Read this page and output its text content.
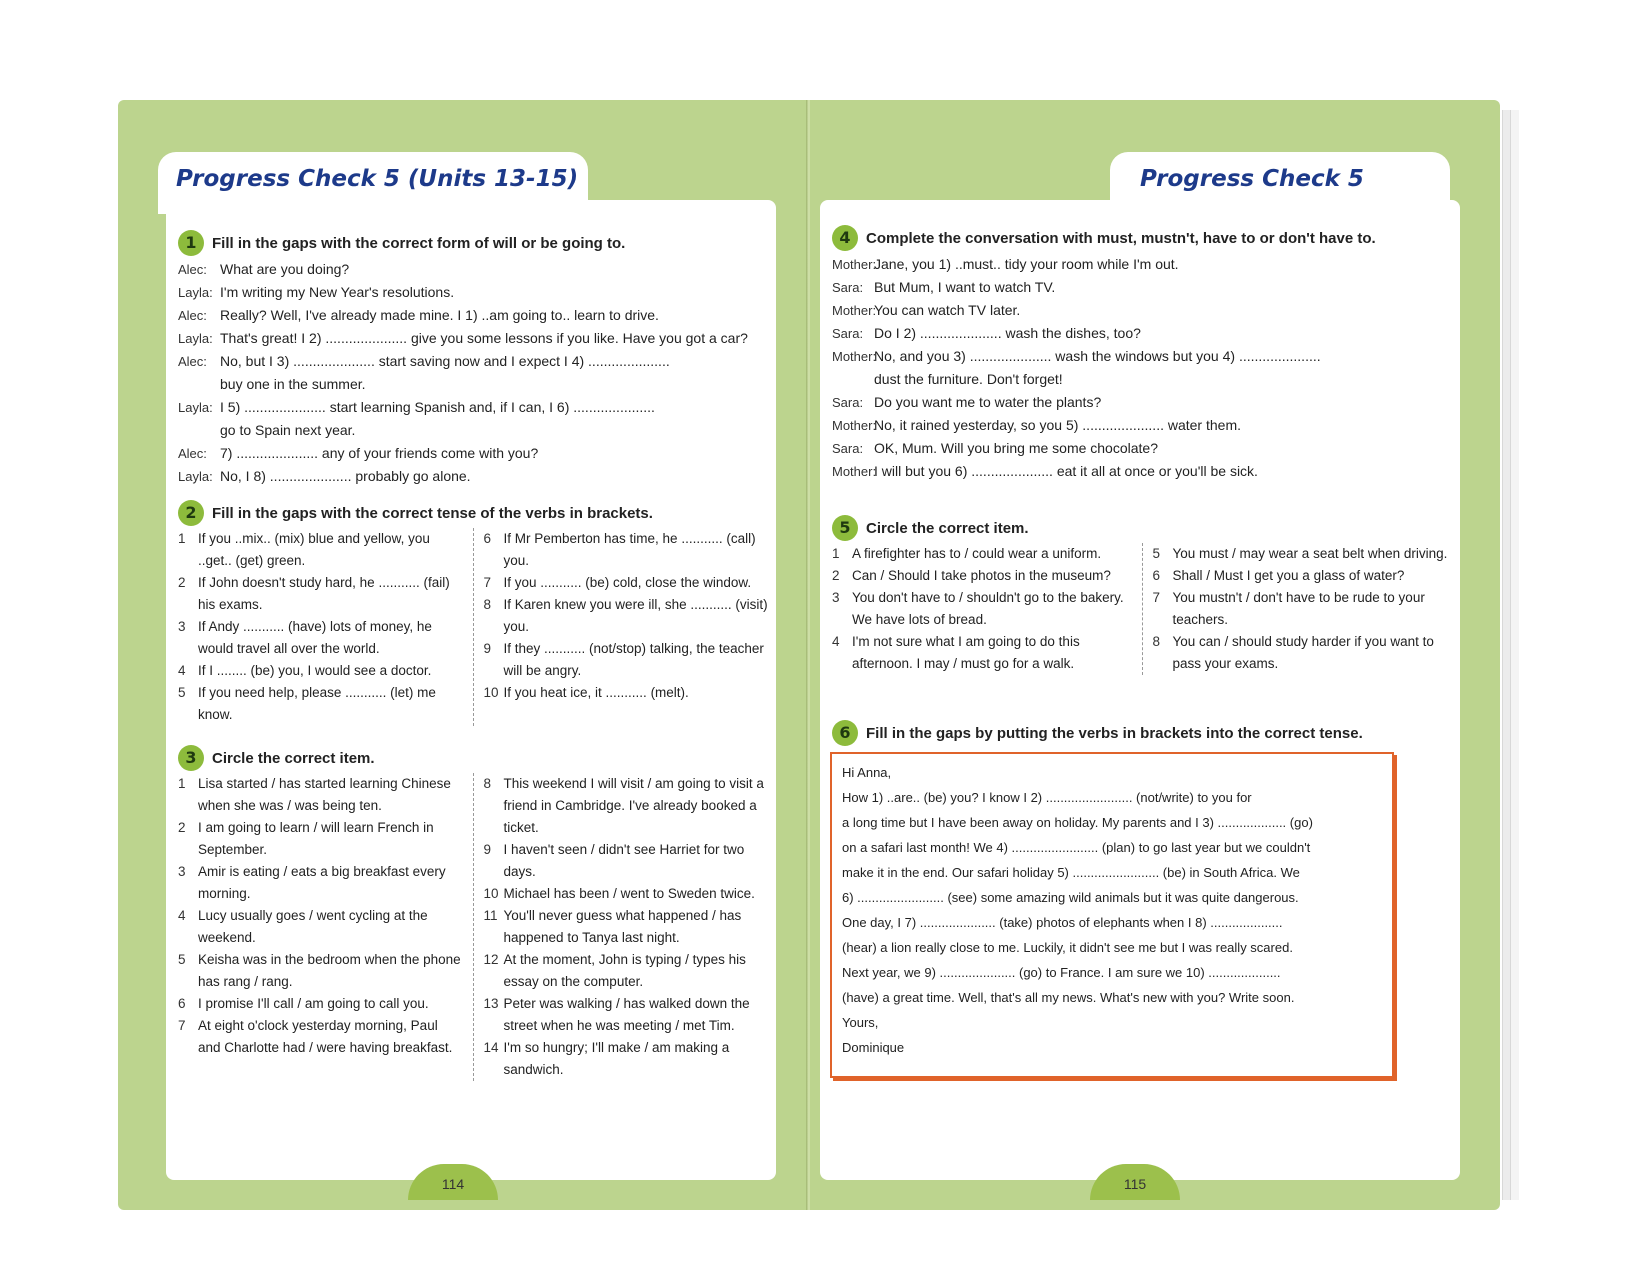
Progress Check 5 (Units 13-15)
1	Fill in the gaps with the correct form of will or be going to.
Alec: What are you doing?
Layla: I'm writing my New Year's resolutions.
Alec: Really? Well, I've already made mine. I 1) ..am going to.. learn to drive.
Layla: That's great! I 2) ..................... give you some lessons if you like. Have you got a car?
Alec: No, but I 3) ..................... start saving now and I expect I 4) .....................
buy one in the summer.
Layla: I 5) ..................... start learning Spanish and, if I can, I 6) .....................
go to Spain next year.
Alec: 7) ..................... any of your friends come with you?
Layla: No, I 8) ..................... probably go alone.
2	Fill in the gaps with the correct tense of the verbs in brackets.
1 If you ..mix.. (mix) blue and yellow, you ..get.. (get) green.
2 If John doesn't study hard, he ........... (fail) his exams.
3 If Andy ........... (have) lots of money, he would travel all over the world.
4 If I ........ (be) you, I would see a doctor.
5 If you need help, please ........... (let) me know.
6 If Mr Pemberton has time, he ........... (call) you.
7 If you ........... (be) cold, close the window.
8 If Karen knew you were ill, she ........... (visit) you.
9 If they ........... (not/stop) talking, the teacher will be angry.
10 If you heat ice, it ........... (melt).
3	Circle the correct item.
1 Lisa started / has started learning Chinese when she was / was being ten.
2 I am going to learn / will learn French in September.
3 Amir is eating / eats a big breakfast every morning.
4 Lucy usually goes / went cycling at the weekend.
5 Keisha was in the bedroom when the phone has rang / rang.
6 I promise I'll call / am going to call you.
7 At eight o'clock yesterday morning, Paul and Charlotte had / were having breakfast.
8 This weekend I will visit / am going to visit a friend in Cambridge. I've already booked a ticket.
9 I haven't seen / didn't see Harriet for two days.
10 Michael has been / went to Sweden twice.
11 You'll never guess what happened / has happened to Tanya last night.
12 At the moment, John is typing / types his essay on the computer.
13 Peter was walking / has walked down the street when he was meeting / met Tim.
14 I'm so hungry; I'll make / am making a sandwich.
114
Progress Check 5
4	Complete the conversation with must, mustn't, have to or don't have to.
Mother:
Jane, you 1) ..must.. tidy your room while I'm out.
Sara: But Mum, I want to watch TV.
Mother:
You can watch TV later.
Sara: Do I 2) ..................... wash the dishes, too?
Mother:
No, and you 3) ..................... wash the windows but you 4) .....................
dust the furniture. Don't forget!
Sara: Do you want me to water the plants?
Mother:
No, it rained yesterday, so you 5) ..................... water them.
Sara: OK, Mum. Will you bring me some chocolate?
Mother:
I will but you 6) ..................... eat it all at once or you'll be sick.
5	Circle the correct item.
1 A firefighter has to / could wear a uniform.
2 Can / Should I take photos in the museum?
3 You don't have to / shouldn't go to the bakery. We have lots of bread.
4 I'm not sure what I am going to do this afternoon. I may / must go for a walk.
5 You must / may wear a seat belt when driving.
6 Shall / Must I get you a glass of water?
7 You mustn't / don't have to be rude to your teachers.
8 You can / should study harder if you want to pass your exams.
6	Fill in the gaps by putting the verbs in brackets into the correct tense.
Hi Anna,
How 1) ..are.. (be) you? I know I 2) ........................ (not/write) to you for
a long time but I have been away on holiday. My parents and I 3) ................... (go)
on a safari last month! We 4) ........................ (plan) to go last year but we couldn't
make it in the end. Our safari holiday 5) ........................ (be) in South Africa. We
6) ........................ (see) some amazing wild animals but it was quite dangerous.
One day, I 7) ..................... (take) photos of elephants when I 8) ....................
(hear) a lion really close to me. Luckily, it didn't see me but I was really scared.
Next year, we 9) ..................... (go) to France. I am sure we 10) ....................
(have) a great time. Well, that's all my news. What's new with you? Write soon.
Yours,
Dominique
115
